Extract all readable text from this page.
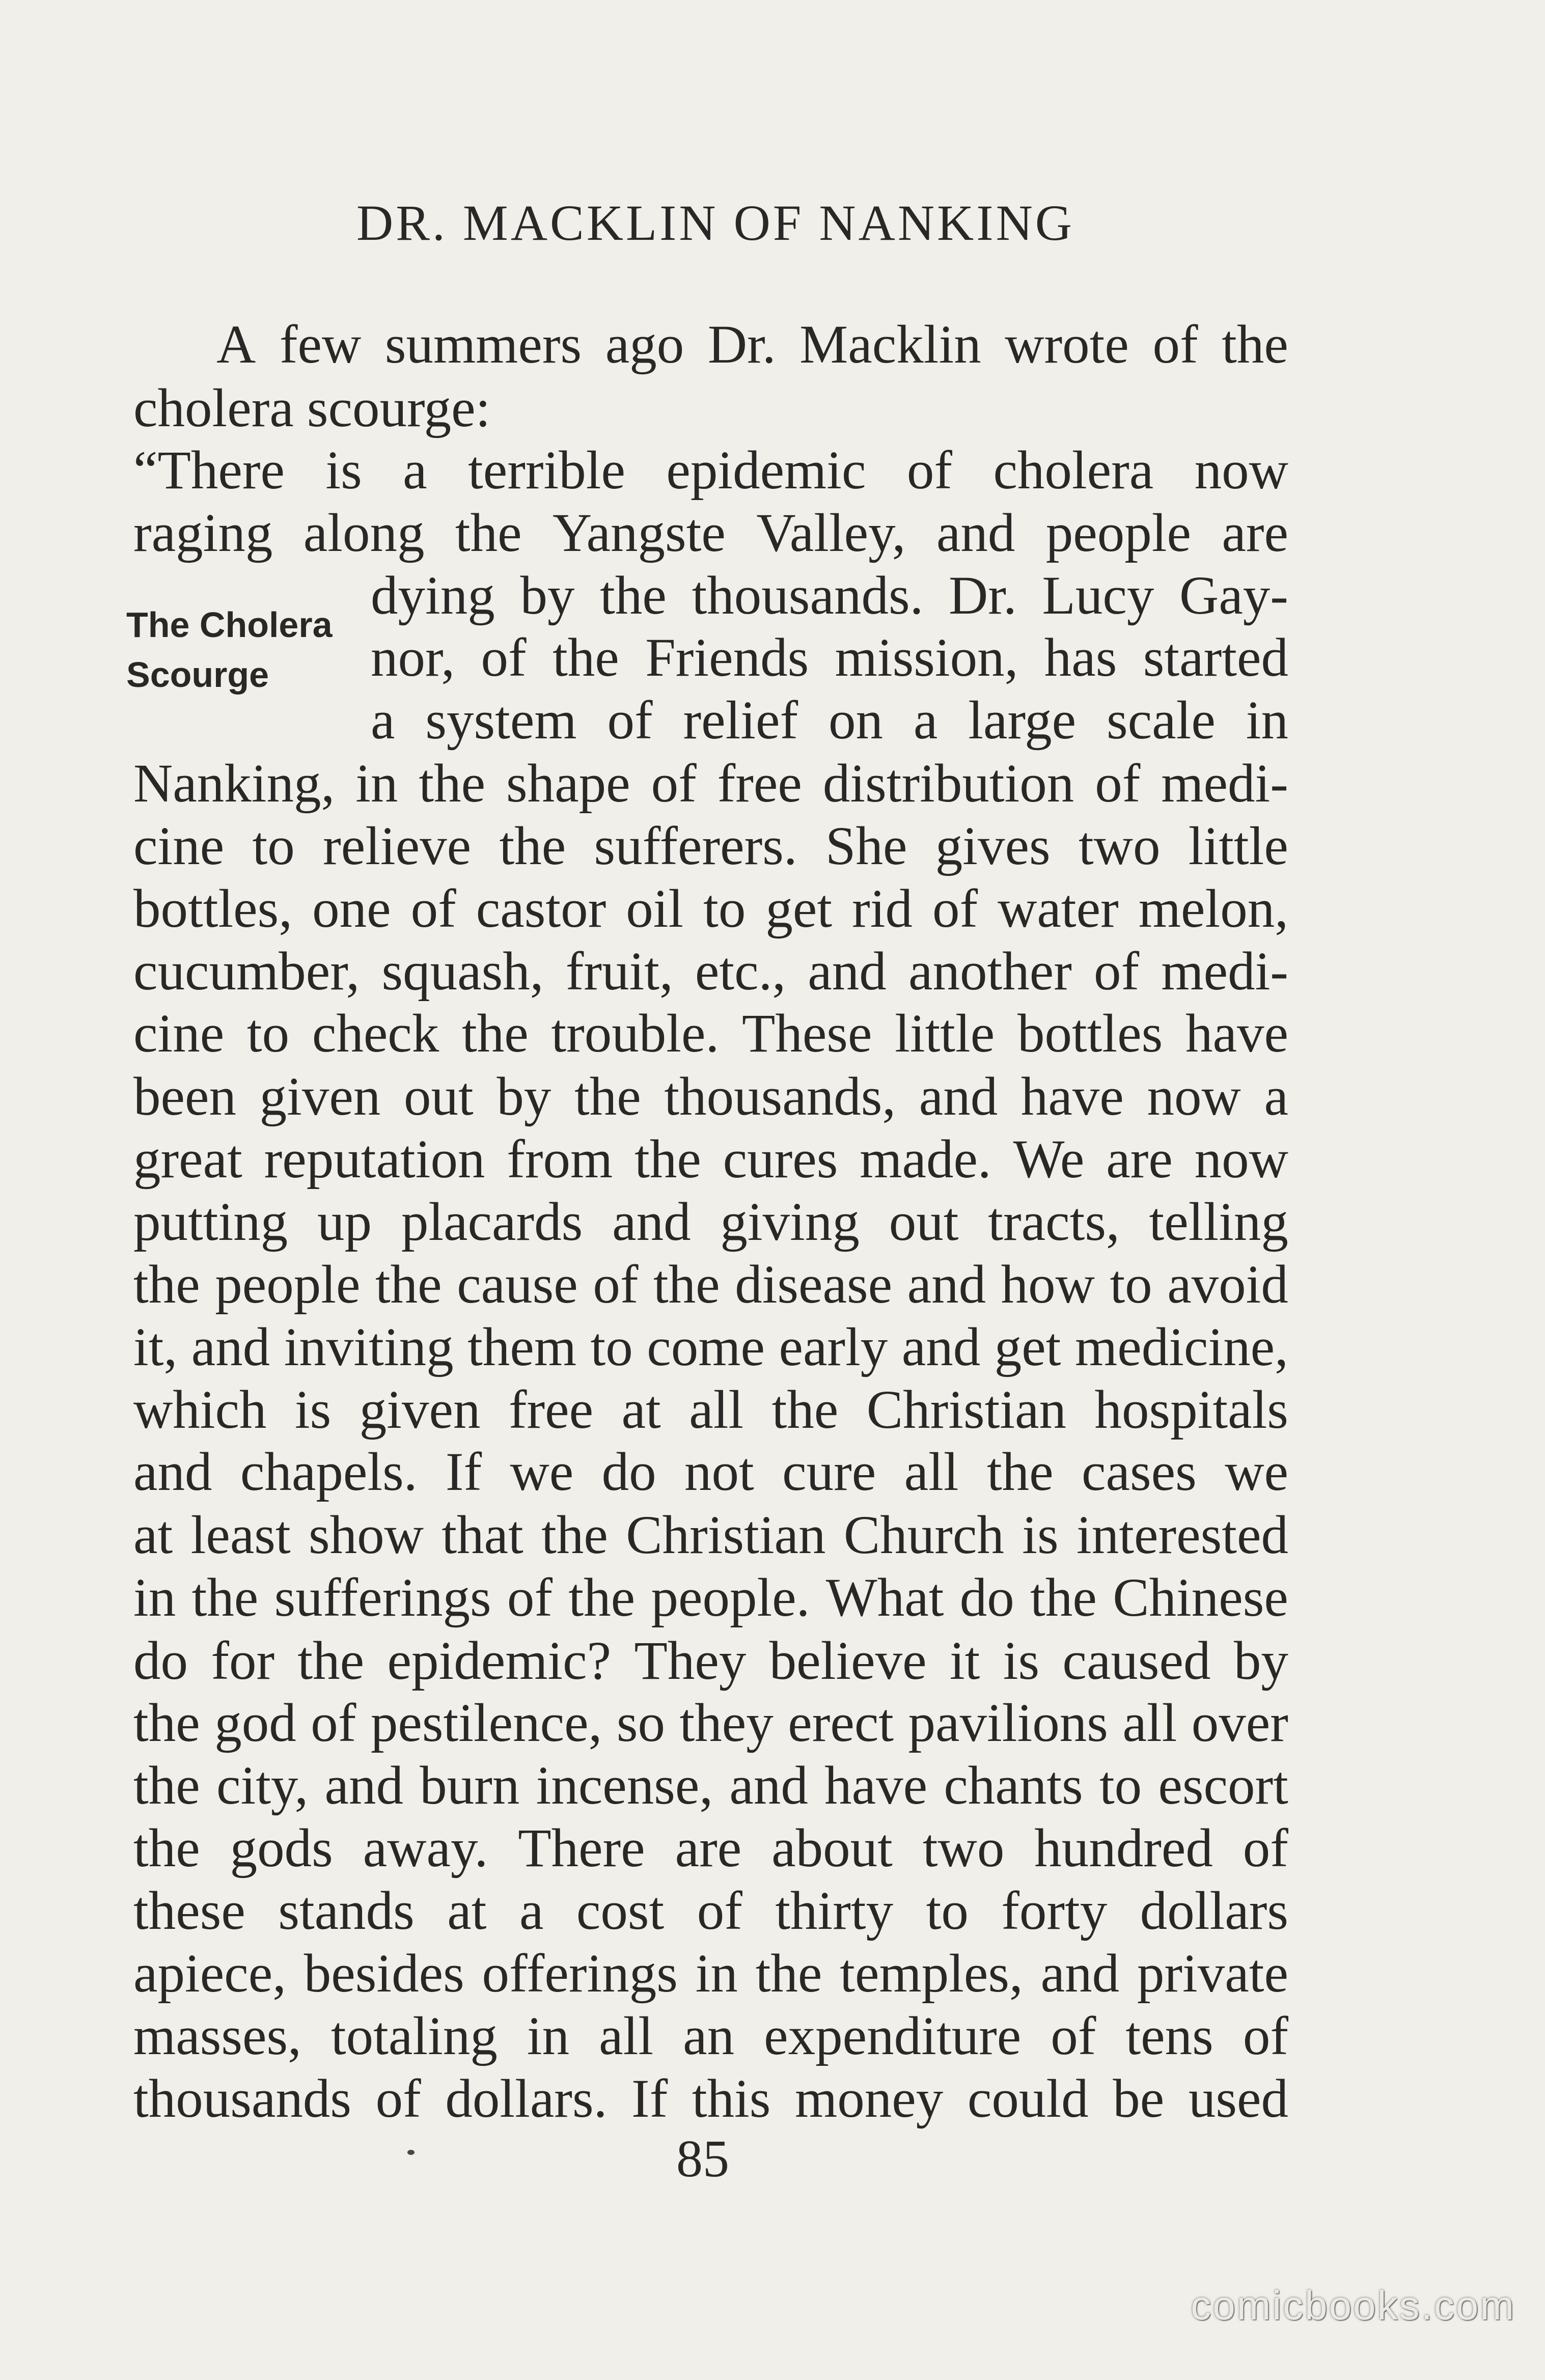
DR. MACKLIN OF NANKING
The Cholera
Scourge
A few summers ago Dr. Macklin wrote of the
cholera scourge:
“There is a terrible epidemic of cholera now
raging along the Yangste Valley, and people are
dying by the thousands. Dr. Lucy Gay-
nor, of the Friends mission, has started
a system of relief on a large scale in
Nanking, in the shape of free distribution of medi-
cine to relieve the sufferers. She gives two little
bottles, one of castor oil to get rid of water melon,
cucumber, squash, fruit, etc., and another of medi-
cine to check the trouble. These little bottles have
been given out by the thousands, and have now a
great reputation from the cures made. We are now
putting up placards and giving out tracts, telling
the people the cause of the disease and how to avoid
it, and inviting them to come early and get medicine,
which is given free at all the Christian hospitals
and chapels. If we do not cure all the cases we
at least show that the Christian Church is interested
in the sufferings of the people. What do the Chinese
do for the epidemic? They believe it is caused by
the god of pestilence, so they erect pavilions all over
the city, and burn incense, and have chants to escort
the gods away. There are about two hundred of
these stands at a cost of thirty to forty dollars
apiece, besides offerings in the temples, and private
masses, totaling in all an expenditure of tens of
thousands of dollars. If this money could be used
85
comicbooks.com
